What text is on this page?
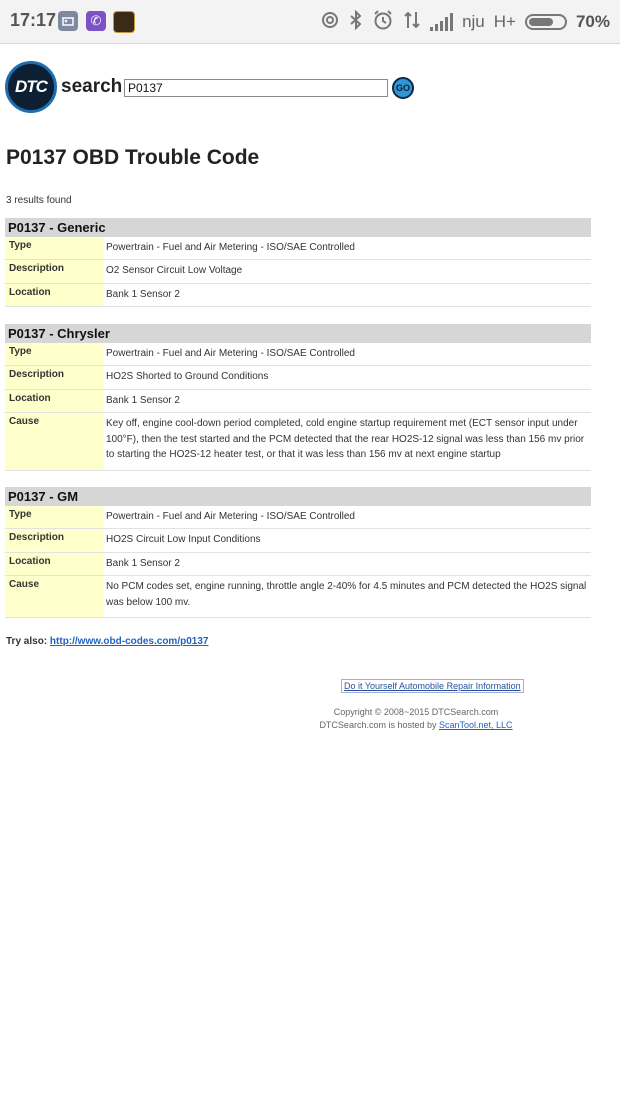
17:17	✆	nju H+	70%
DTC search
P0137	GO
P0137 OBD Trouble Code
3 results found
P0137 - Generic
Type	Powertrain - Fuel and Air Metering - ISO/SAE Controlled
Description	O2 Sensor Circuit Low Voltage
Location	Bank 1 Sensor 2
P0137 - Chrysler
Type	Powertrain - Fuel and Air Metering - ISO/SAE Controlled
Description	HO2S Shorted to Ground Conditions
Location	Bank 1 Sensor 2
Cause	Key off, engine cool-down period completed, cold engine startup requirement met (ECT sensor input under 100°F), then the test started and the PCM detected that the rear HO2S-12 signal was less than 156 mv prior to starting the HO2S-12 heater test, or that it was less than 156 mv at next engine startup
P0137 - GM
Type	Powertrain - Fuel and Air Metering - ISO/SAE Controlled
Description	HO2S Circuit Low Input Conditions
Location	Bank 1 Sensor 2
Cause	No PCM codes set, engine running, throttle angle 2-40% for 4.5 minutes and PCM detected the HO2S signal was below 100 mv.
Try also: http://www.obd-codes.com/p0137
Do it Yourself Automobile Repair Information
Copyright © 2008~2015 DTCSearch.com
DTCSearch.com is hosted by ScanTool.net, LLC
